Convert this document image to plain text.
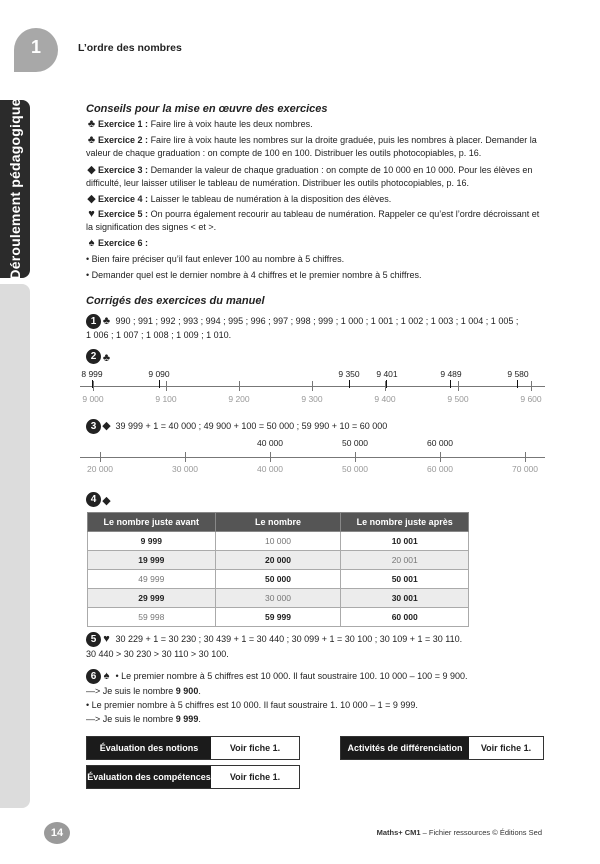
Déroulement pédagogique
1	L’ordre des nombres
Conseils pour la mise en œuvre des exercices
♣ Exercice 1 : Faire lire à voix haute les deux nombres.
♣ Exercice 2 : Faire lire à voix haute les nombres sur la droite graduée, puis les nombres à placer. Demander la valeur de chaque graduation : on compte de 100 en 100. Distribuer les outils photocopiables, p. 16.
◆ Exercice 3 : Demander la valeur de chaque graduation : on compte de 10 000 en 10 000. Pour les élèves en difficulté, leur laisser utiliser le tableau de numération. Distribuer les outils photocopiables, p. 16.
◆ Exercice 4 : Laisser le tableau de numération à la disposition des élèves.
♥ Exercice 5 : On pourra également recourir au tableau de numération. Rappeler ce qu’est l’ordre décroissant et la signification des signes < et >.
♠ Exercice 6 :
• Bien faire préciser qu’il faut enlever 100 au nombre à 5 chiffres.
• Demander quel est le dernier nombre à 4 chiffres et le premier nombre à 5 chiffres.
Corrigés des exercices du manuel
1 ♣ 990 ; 991 ; 992 ; 993 ; 994 ; 995 ; 996 ; 997 ; 998 ; 999 ; 1 000 ; 1 001 ; 1 002 ; 1 003 ; 1 004 ; 1 005 ;
1 006 ; 1 007 ; 1 008 ; 1 009 ; 1 010.
2 ♣
8 999	9 090	9 350 9 401	9 489	9 580
9 000	9 100	9 200	9 300	9 400	9 500	9 600
3 ◆ 39 999 + 1 = 40 000 ; 49 900 + 100 = 50 000 ; 59 990 + 10 = 60 000
40 000	50 000	60 000
20 000	30 000	40 000	50 000	60 000	70 000
4 ◆
Le nombre juste avant	Le nombre	Le nombre juste après
9 999	10 000	10 001
19 999	20 000	20 001
49 999	50 000	50 001
29 999	30 000	30 001
59 998	59 999	60 000
5 ♥ 30 229 + 1 = 30 230 ; 30 439 + 1 = 30 440 ; 30 099 + 1 = 30 100 ; 30 109 + 1 = 30 110.
30 440 > 30 230 > 30 110 > 30 100.
6 ♠ • Le premier nombre à 5 chiffres est 10 000. Il faut soustraire 100. 10 000 – 100 = 9 900.
—> Je suis le nombre 9 900.
• Le premier nombre à 5 chiffres est 10 000. Il faut soustraire 1. 10 000 – 1 = 9 999.
—> Je suis le nombre 9 999.
Évaluation des notions	Voir fiche 1.	Activités de différenciation	Voir fiche 1.
Évaluation des compétences	Voir fiche 1.
14	Maths+ CM1 – Fichier ressources © Éditions Sed
